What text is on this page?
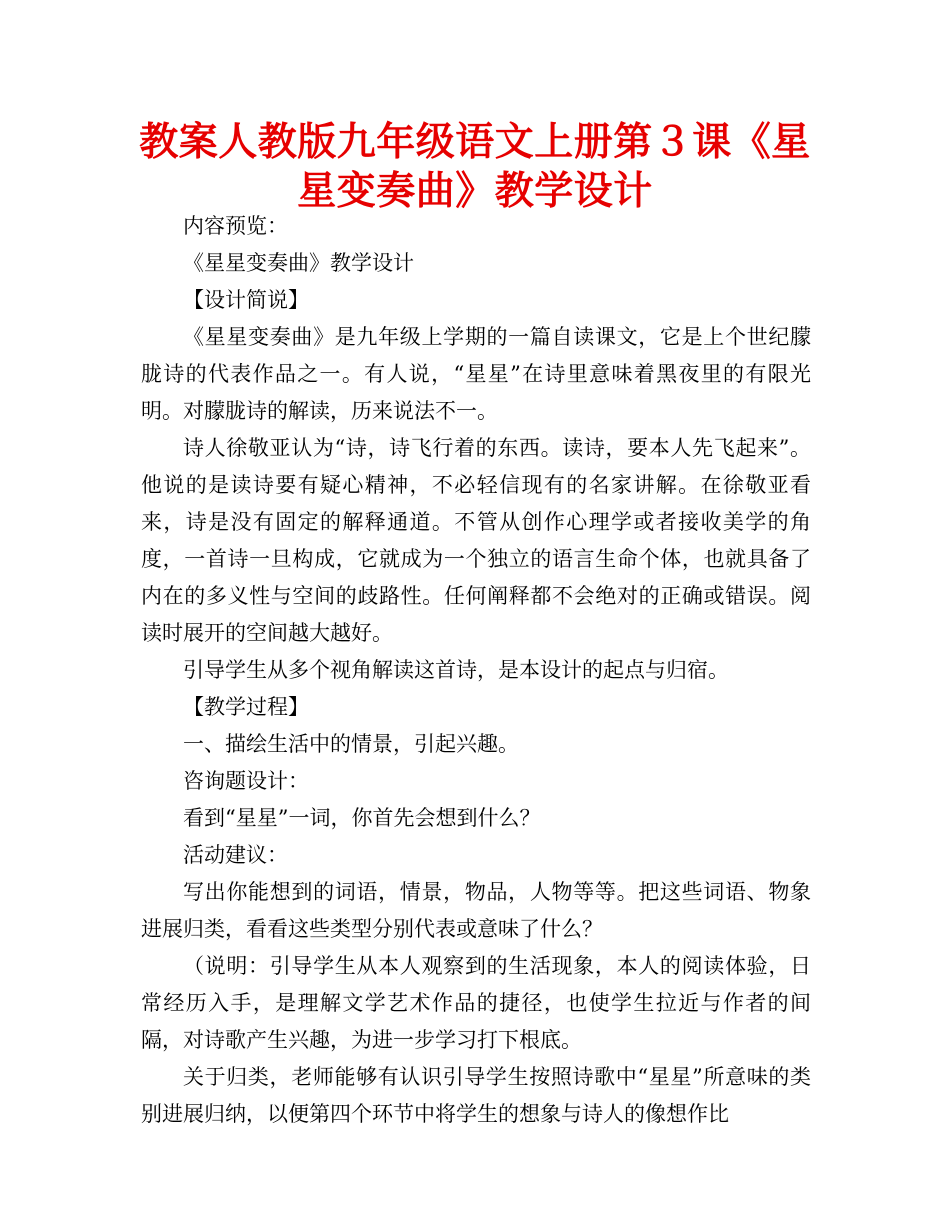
教案人教版九年级语文上册第３课《星星变奏曲》教学设计

内容预览：

《星星变奏曲》教学设计

【设计简说】

《星星变奏曲》是九年级上学期的一篇自读课文，它是上个世纪朦胧诗的代表作品之一。有人说，“星星”在诗里意味着黑夜里的有限光明。对朦胧诗的解读，历来说法不一。

诗人徐敬亚认为“诗，诗飞行着的东西。读诗，要本人先飞起来”。他说的是读诗要有疑心精神，不必轻信现有的名家讲解。在徐敬亚看来，诗是没有固定的解释通道。不管从创作心理学或者接收美学的角度，一首诗一旦构成，它就成为一个独立的语言生命个体，也就具备了内在的多义性与空间的歧路性。任何阐释都不会绝对的正确或错误。阅读时展开的空间越大越好。

引导学生从多个视角解读这首诗，是本设计的起点与归宿。

【教学过程】

一、描绘生活中的情景，引起兴趣。

咨询题设计：

看到“星星”一词，你首先会想到什么？

活动建议：

写出你能想到的词语，情景，物品，人物等等。把这些词语、物象进展归类，看看这些类型分别代表或意味了什么？

（说明：引导学生从本人观察到的生活现象，本人的阅读体验，日常经历入手，是理解文学艺术作品的捷径，也使学生拉近与作者的间隔，对诗歌产生兴趣，为进一步学习打下根底。

关于归类，老师能够有认识引导学生按照诗歌中“星星”所意味的类别进展归纳，以便第四个环节中将学生的想象与诗人的像想作比
